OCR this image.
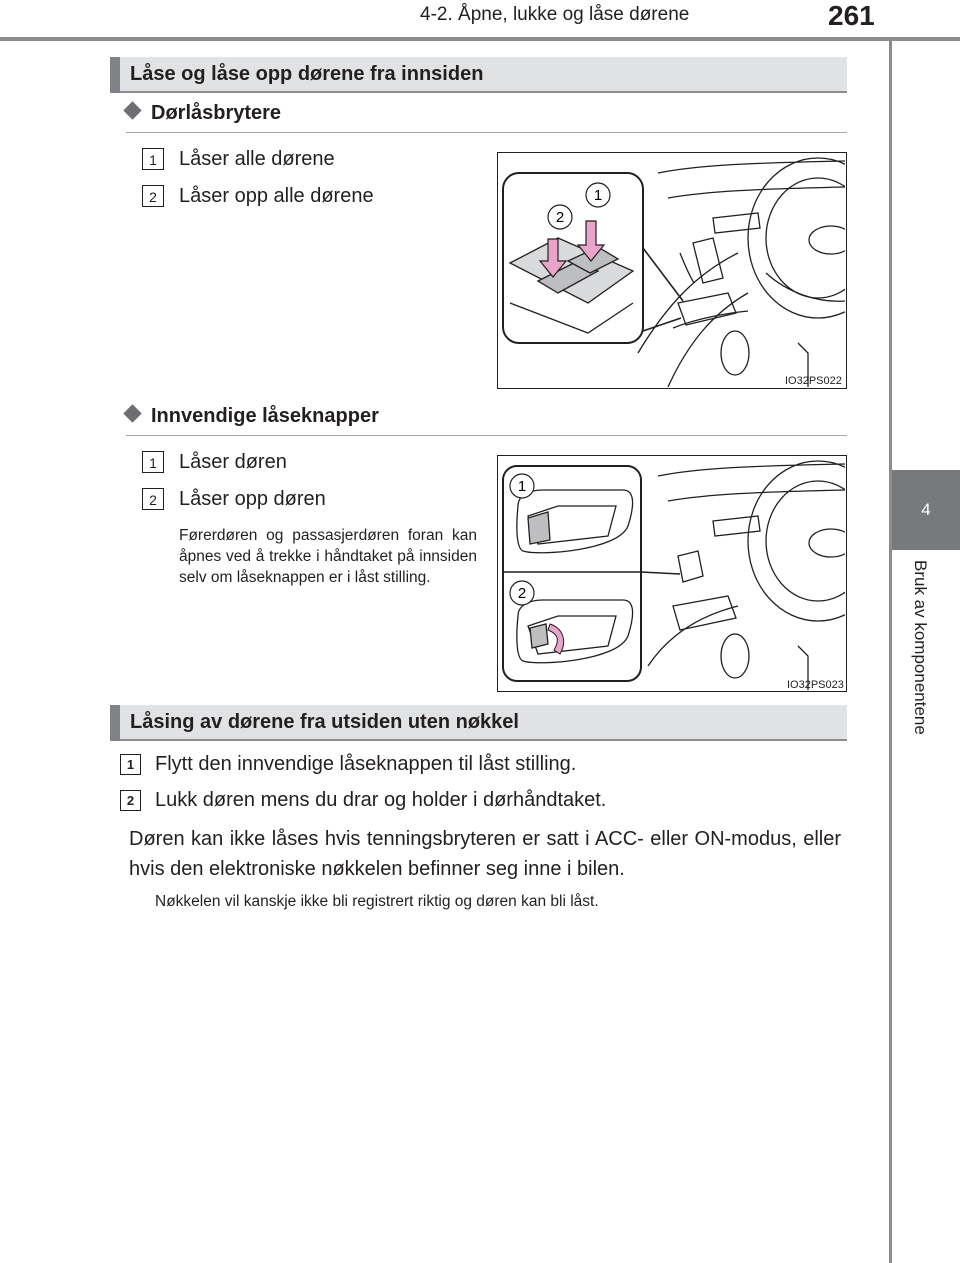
4-2. Åpne, lukke og låse dørene	261
4
Bruk av komponentene
Låse og låse opp dørene fra innsiden
Dørlåsbrytere
1	Låser alle dørene
2	Låser opp alle dørene	1
2
IO32PS022
Innvendige låseknapper
1	Låser døren
2	Låser opp døren
Førerdøren og passasjerdøren foran kan åpnes ved å trekke i håndtaket på innsiden selv om låseknappen er i låst stilling.
1
2
IO32PS023
Låsing av dørene fra utsiden uten nøkkel
1	Flytt den innvendige låseknappen til låst stilling.
2	Lukk døren mens du drar og holder i dørhåndtaket.
Døren kan ikke låses hvis tenningsbryteren er satt i ACC- eller ON-modus, eller hvis den elektroniske nøkkelen befinner seg inne i bilen.
Nøkkelen vil kanskje ikke bli registrert riktig og døren kan bli låst.
